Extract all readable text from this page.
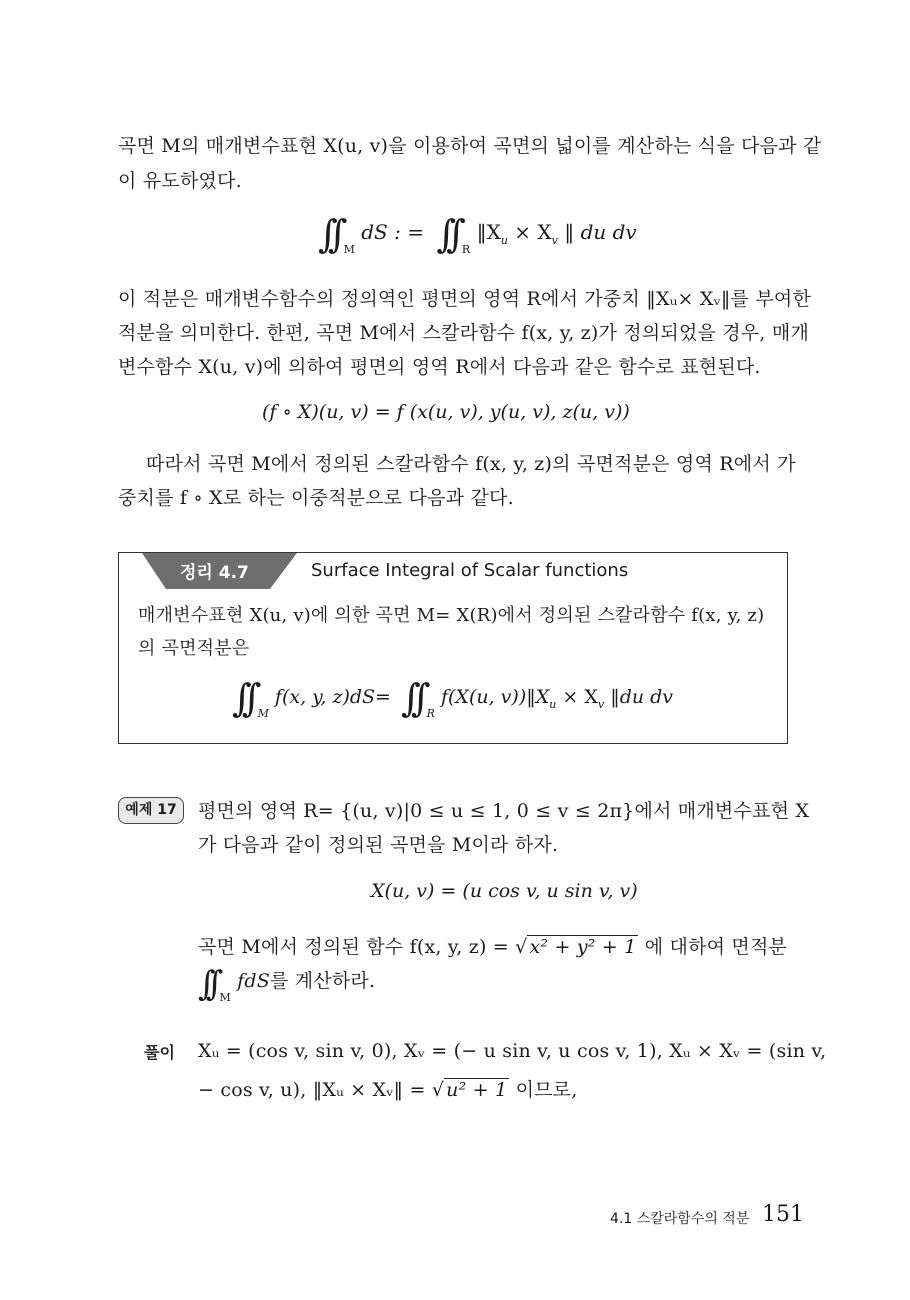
곡면 M의 매개변수표현 X(u, v)을 이용하여 곡면의 넓이를 계산하는 식을 다음과 같
이 유도하였다.
∫∫ $_M$ dS : = ∫∫ $_R$ $‖X_u \times X_v$ ‖ du dv
이 적분은 매개변수함수의 정의역인 평면의 영역 R에서 가중치 ‖Xᵤ× Xᵥ‖를 부여한
적분을 의미한다. 한편, 곡면 M에서 스칼라함수 f(x, y, z)가 정의되었을 경우, 매개
변수함수 X(u, v)에 의하여 평면의 영역 R에서 다음과 같은 함수로 표현된다.
(f ∘ X)(u, v) = f (x(u, v), y(u, v), z(u, v))
따라서 곡면 M에서 정의된 스칼라함수 f(x, y, z)의 곡면적분은 영역 R에서 가
중치를 f ∘ X로 하는 이중적분으로 다음과 같다.
정리 4.7	Surface Integral of Scalar functions
매개변수표현 X(u, v)에 의한 곡면 M= X(R)에서 정의된 스칼라함수 f(x, y, z)
의 곡면적분은
∫∫ $_M$ f(x, y, z)dS= ∫∫ $_R$ f(X(u, $v))‖X_u \times X_v$ ‖du dv
예제 17	평면의 영역 R= {(u, v)|0 ≤ u ≤ 1, 0 ≤ v ≤ 2π}에서 매개변수표현 X
가 다음과 같이 정의된 곡면을 M이라 하자.
X(u, v) = (u cos v, u sin v, v)
곡면 M에서 정의된 함수 f(x, y, z) = √ x² + y² + 1 에 대하여 면적분
∫∫ $_M$ fdS를 계산하라.
풀이 Xᵤ = (cos v, sin v, 0), Xᵥ = (− u sin v, u cos v, 1), Xᵤ × Xᵥ = (sin v,
− cos v, u), ‖Xᵤ × Xᵥ‖ = √ u² + 1 이므로,
4.1 스칼라함수의 적분 151
